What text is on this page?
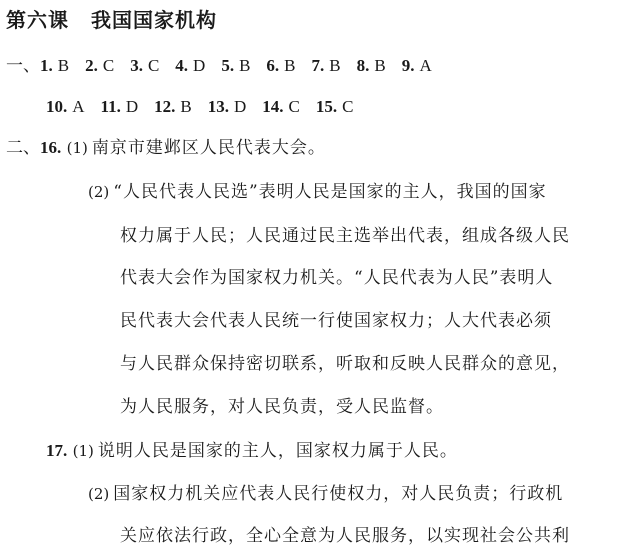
第六课 我国国家机构
一、1. B 2. C 3. C 4. D 5. B 6. B 7. B 8. B 9. A
10. A 11. D 12. B 13. D 14. C 15. C
二、16. (1) 南京市建邺区人民代表大会。
(2) “人民代表人民选”表明人民是国家的主人，我国的国家
权力属于人民；人民通过民主选举出代表，组成各级人民
代表大会作为国家权力机关。“人民代表为人民”表明人
民代表大会代表人民统一行使国家权力；人大代表必须
与人民群众保持密切联系，听取和反映人民群众的意见，
为人民服务，对人民负责，受人民监督。
17. (1) 说明人民是国家的主人，国家权力属于人民。
(2) 国家权力机关应代表人民行使权力，对人民负责；行政机
关应依法行政，全心全意为人民服务，以实现社会公共利
